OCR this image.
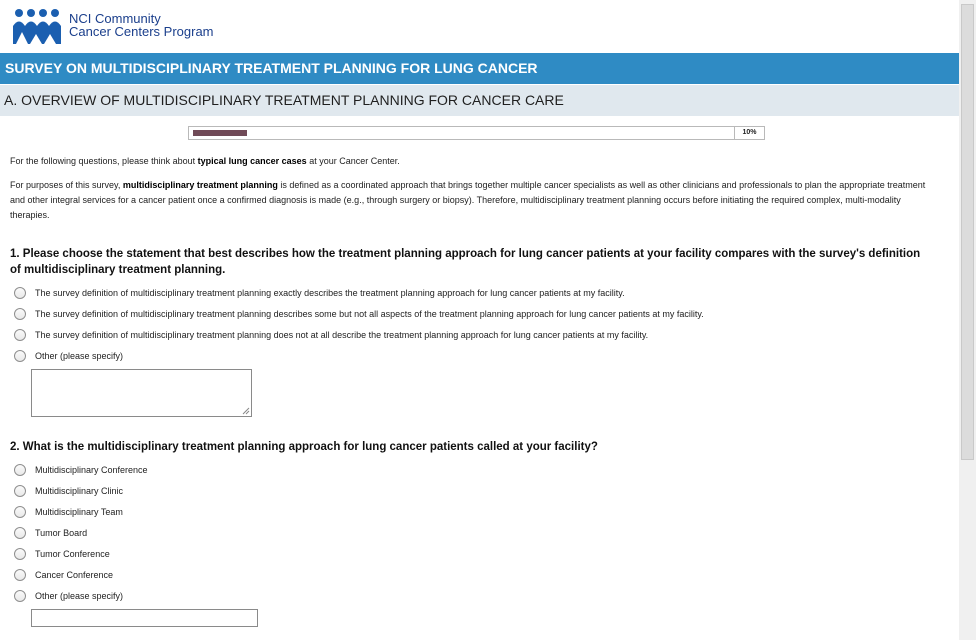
NCI Community
Cancer Centers Program
SURVEY ON MULTIDISCIPLINARY TREATMENT PLANNING FOR LUNG CANCER
A. OVERVIEW OF MULTIDISCIPLINARY TREATMENT PLANNING FOR CANCER CARE
10%
For the following questions, please think about typical lung cancer cases at your Cancer Center.
For purposes of this survey, multidisciplinary treatment planning is defined as a coordinated approach that brings together multiple cancer specialists as well as other clinicians and professionals to plan the appropriate treatment and other integral services for a cancer patient once a confirmed diagnosis is made (e.g., through surgery or biopsy). Therefore, multidisciplinary treatment planning occurs before initiating the required complex, multi-modality therapies.
1. Please choose the statement that best describes how the treatment planning approach for lung cancer patients at your facility compares with the survey's definition of multidisciplinary treatment planning.
The survey definition of multidisciplinary treatment planning exactly describes the treatment planning approach for lung cancer patients at my facility.
The survey definition of multidisciplinary treatment planning describes some but not all aspects of the treatment planning approach for lung cancer patients at my facility.
The survey definition of multidisciplinary treatment planning does not at all describe the treatment planning approach for lung cancer patients at my facility.
Other (please specify)
2. What is the multidisciplinary treatment planning approach for lung cancer patients called at your facility?
Multidisciplinary Conference
Multidisciplinary Clinic
Multidisciplinary Team
Tumor Board
Tumor Conference
Cancer Conference
Other (please specify)
